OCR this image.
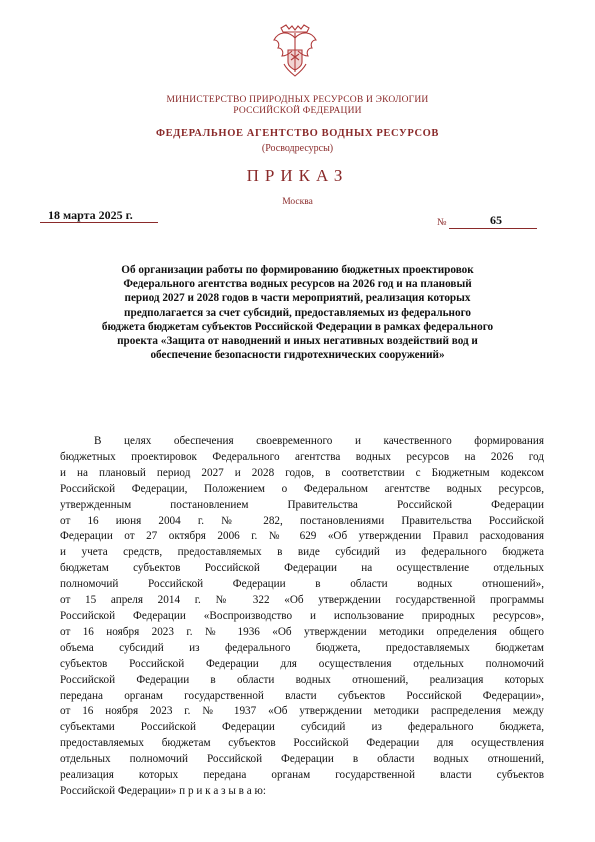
МИНИСТЕРСТВО ПРИРОДНЫХ РЕСУРСОВ И ЭКОЛОГИИ
РОССИЙСКОЙ ФЕДЕРАЦИИ
ФЕДЕРАЛЬНОЕ АГЕНТСТВО ВОДНЫХ РЕСУРСОВ
(Росводресурсы)
ПРИКАЗ
Москва
18 марта 2025 г.
№	65
Об организации работы по формированию бюджетных проектировок
Федерального агентства водных ресурсов на 2026 год и на плановый
период 2027 и 2028 годов в части мероприятий, реализация которых
предполагается за счет субсидий, предоставляемых из федерального
бюджета бюджетам субъектов Российской Федерации в рамках федерального
проекта «Защита от наводнений и иных негативных воздействий вод и
обеспечение безопасности гидротехнических сооружений»
В целях обеспечения своевременного и качественного формирования
бюджетных проектировок Федерального агентства водных ресурсов на 2026 год
и на плановый период 2027 и 2028 годов, в соответствии с Бюджетным кодексом
Российской Федерации, Положением о Федеральном агентстве водных ресурсов,
утвержденным постановлением Правительства Российской Федерации
от 16 июня 2004 г. № 282, постановлениями Правительства Российской
Федерации от 27 октября 2006 г. № 629 «Об утверждении Правил расходования
и учета средств, предоставляемых в виде субсидий из федерального бюджета
бюджетам субъектов Российской Федерации на осуществление отдельных
полномочий Российской Федерации в области водных отношений»,
от 15 апреля 2014 г. № 322 «Об утверждении государственной программы
Российской Федерации «Воспроизводство и использование природных ресурсов»,
от 16 ноября 2023 г. № 1936 «Об утверждении методики определения общего
объема субсидий из федерального бюджета, предоставляемых бюджетам
субъектов Российской Федерации для осуществления отдельных полномочий
Российской Федерации в области водных отношений, реализация которых
передана органам государственной власти субъектов Российской Федерации»,
от 16 ноября 2023 г. № 1937 «Об утверждении методики распределения между
субъектами Российской Федерации субсидий из федерального бюджета,
предоставляемых бюджетам субъектов Российской Федерации для осуществления
отдельных полномочий Российской Федерации в области водных отношений,
реализация которых передана органам государственной власти субъектов
Российской Федерации» п р и к а з ы в а ю:
